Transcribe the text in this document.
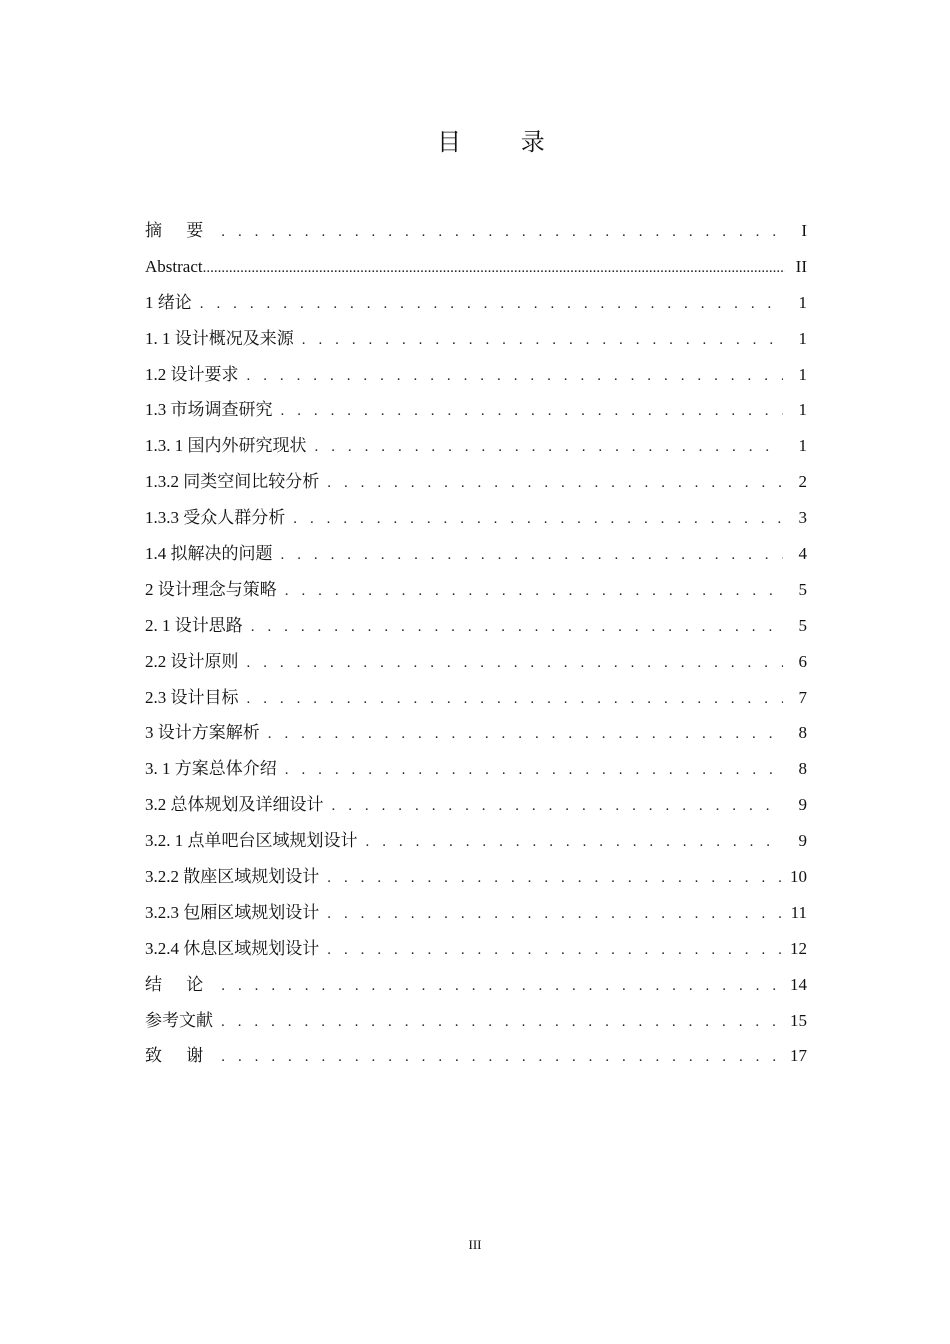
目 录
摘 要 . . .	I
Abstract .....	II
1 绪论 . . .	1
1. 1 设计概况及来源 . . .	1
1.2 设计要求 . . .	1
1.3 市场调查研究 . . .	1
1.3. 1 国内外研究现状 . . .	1
1.3.2 同类空间比较分析 . . .	2
1.3.3 受众人群分析 . . .	3
1.4 拟解决的问题 . . .	4
2 设计理念与策略 . . .	5
2. 1 设计思路 . . .	5
2.2 设计原则 . . .	6
2.3 设计目标 . . .	7
3 设计方案解析 . . .	8
3. 1 方案总体介绍 . . .	8
3.2 总体规划及详细设计 . . .	9
3.2. 1 点单吧台区域规划设计 . . .	9
3.2.2 散座区域规划设计 . . .	10
3.2.3 包厢区域规划设计 . . .	11
3.2.4 休息区域规划设计 . . .	12
结 论 . . .	14
参考文献 . . .	15
致 谢 . . .	17
III
